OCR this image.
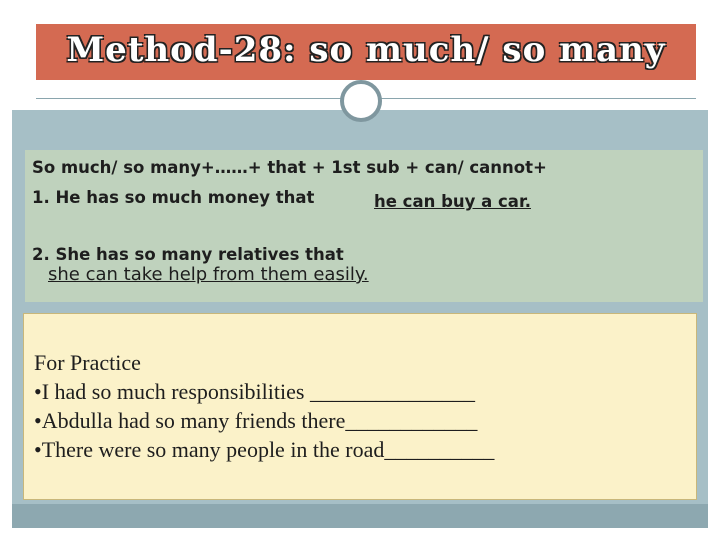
Method-28: so much/ so many
So much/ so many+……+ that + 1st sub + can/ cannot+
1. He has so much money that	he can buy a car.
2. She has so many relatives that
she can take help from them easily.
For Practice
•I had so much responsibilities _______________
•Abdulla had so many friends there____________
•There were so many people in the road__________
